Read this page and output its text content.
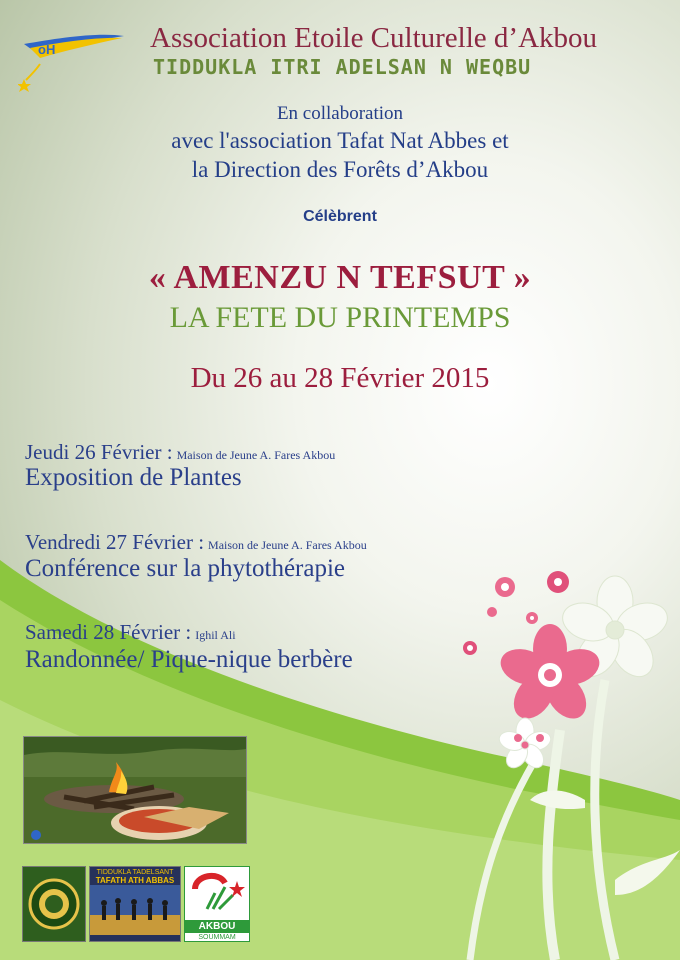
oH	Association Etoile Culturelle d’Akbou
TIDDUKLA ITRI ADELSAN N WEQBU
En collaboration
avec l'association Tafat Nat Abbes et
la Direction des Forêts d’Akbou
Célèbrent
« AMENZU N TEFSUT »
LA FETE DU PRINTEMPS
Du 26 au 28 Février 2015
Jeudi 26 Février : Maison de Jeune A. Fares Akbou
Exposition de Plantes
Vendredi 27 Février : Maison de Jeune A. Fares Akbou
Conférence sur la phytothérapie
Samedi 28 Février : Ighil Ali
Randonnée/ Pique-nique berbère
TIDDUKLA TADELSANT
TAFATH ATH ABBAS
AKBOU
SOUMMAM
